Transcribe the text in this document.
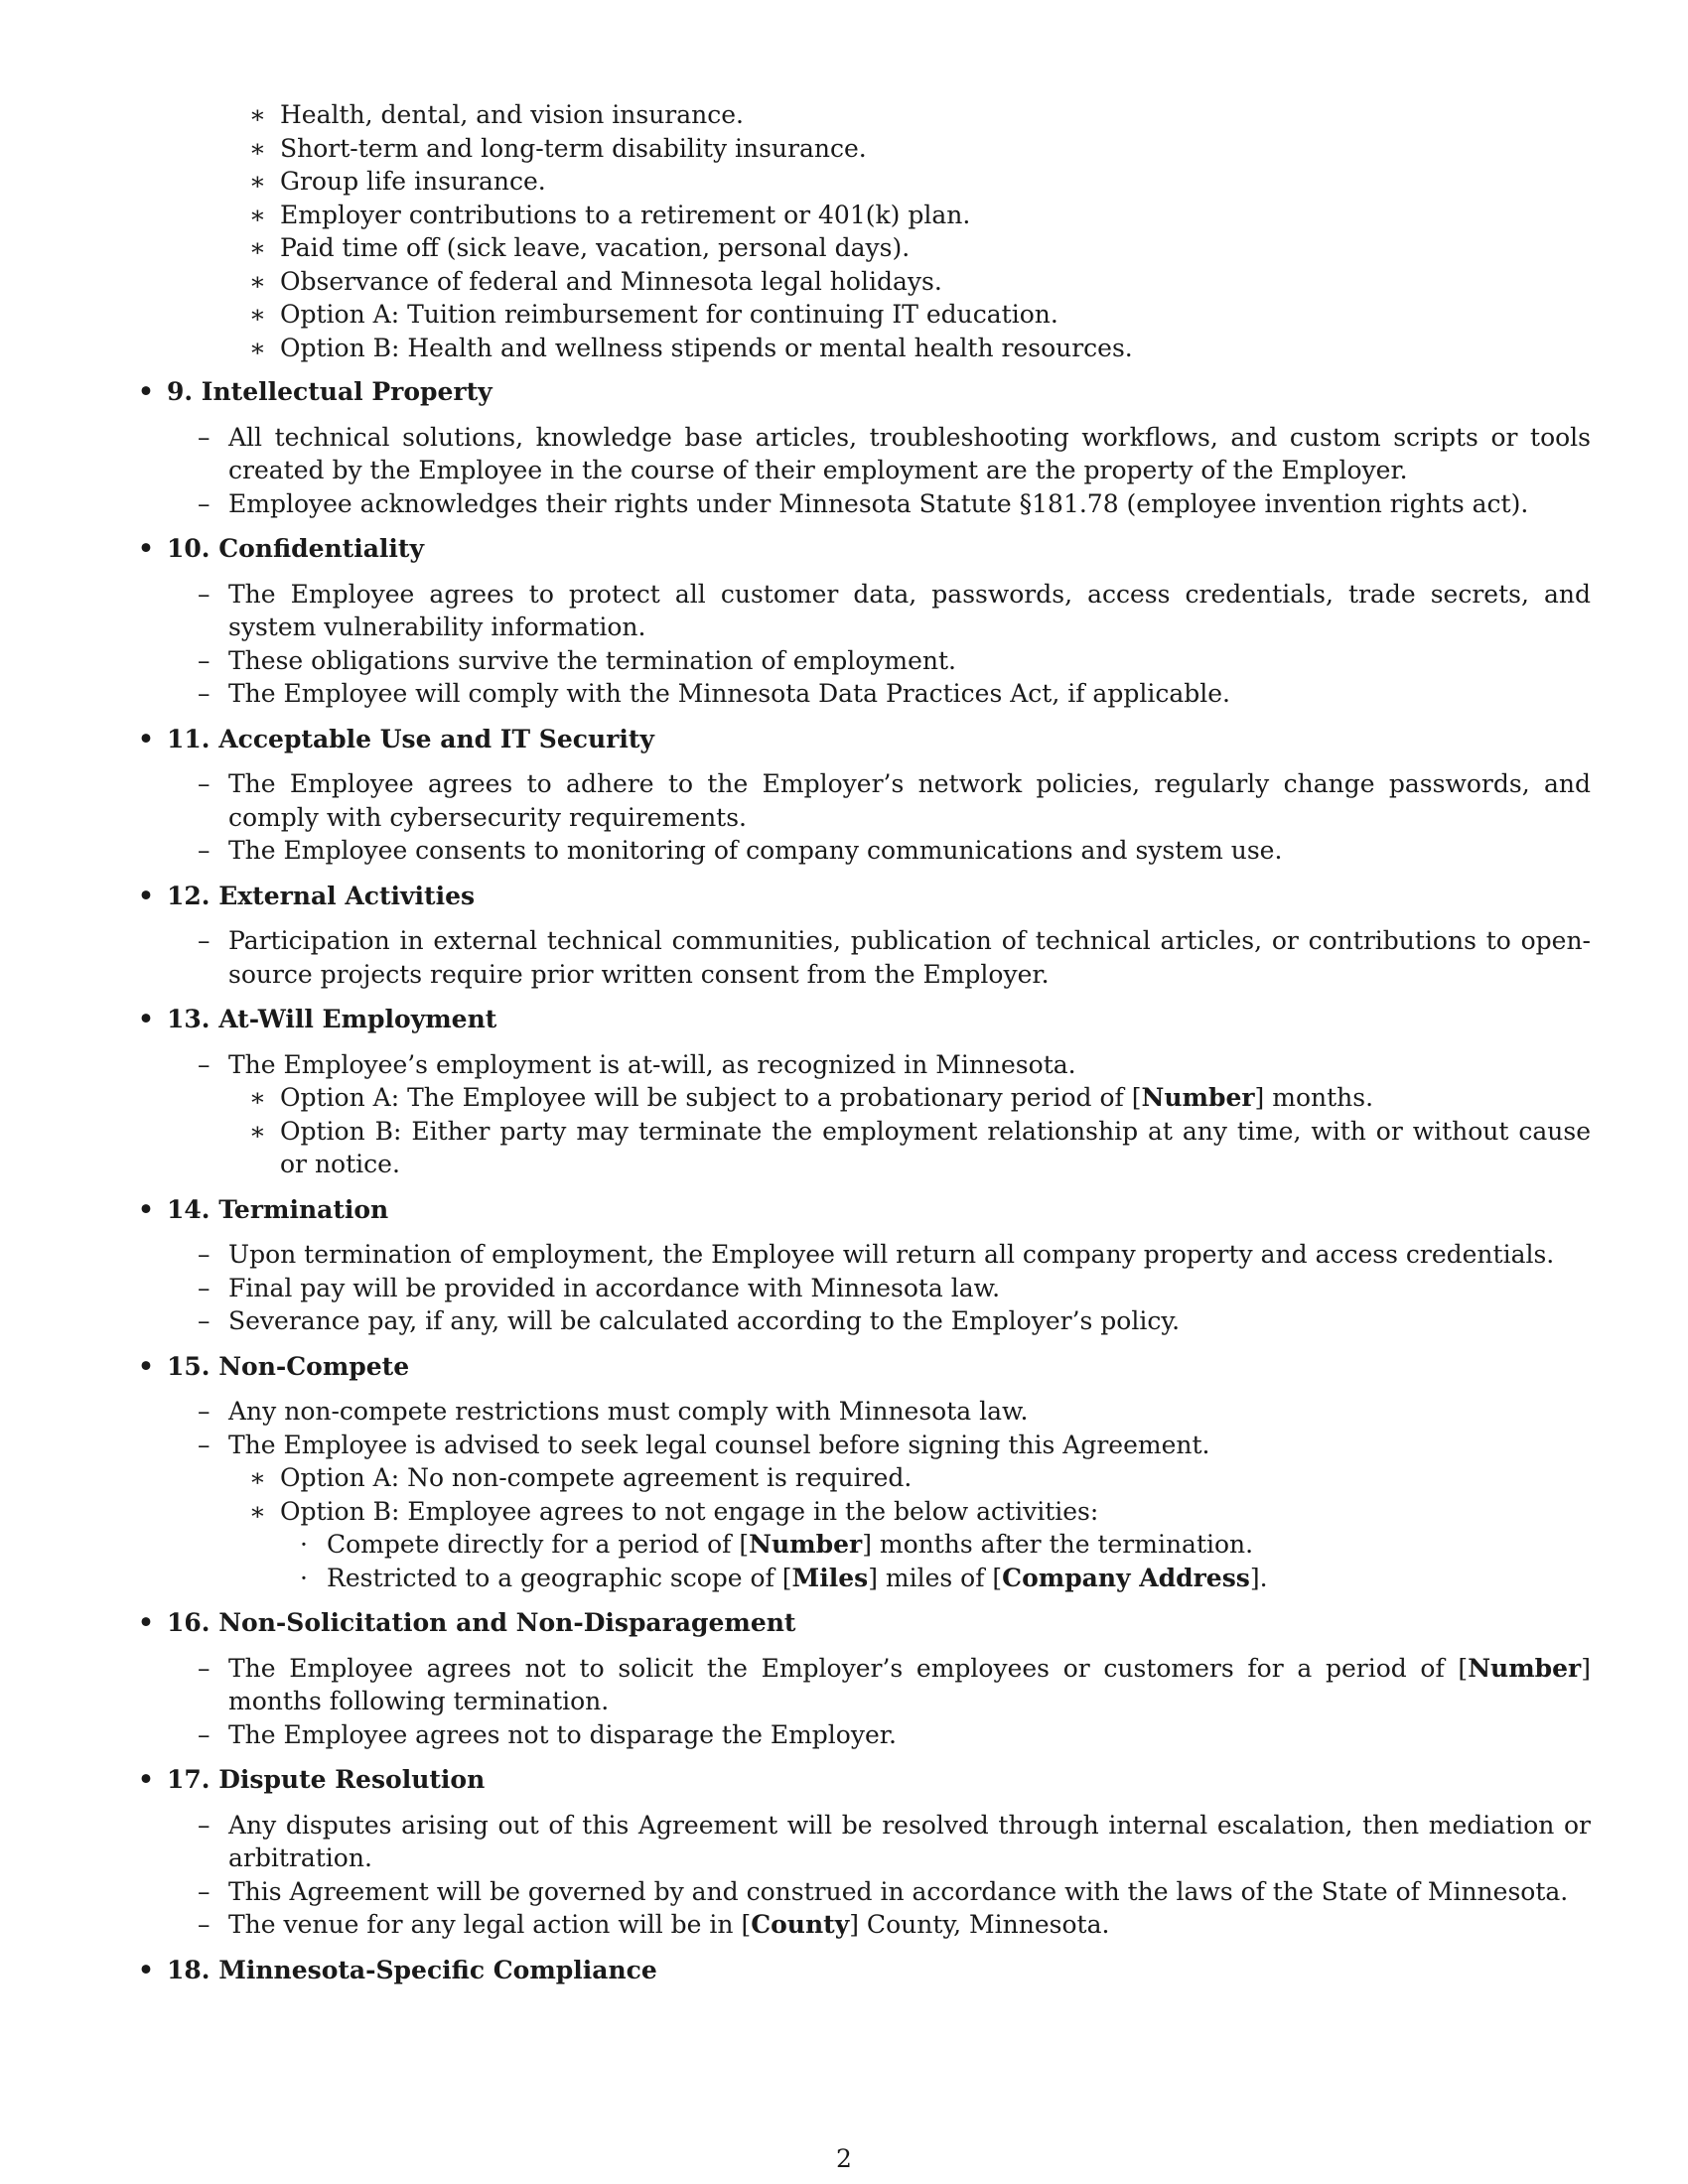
∗ Health, dental, and vision insurance.
∗ Short-term and long-term disability insurance.
∗ Group life insurance.
∗ Employer contributions to a retirement or 401(k) plan.
∗ Paid time off (sick leave, vacation, personal days).
∗ Observance of federal and Minnesota legal holidays.
∗ Option A: Tuition reimbursement for continuing IT education.
∗ Option B: Health and wellness stipends or mental health resources.
• 9. Intellectual Property
– All technical solutions, knowledge base articles, troubleshooting workflows, and custom scripts or tools created by the Employee in the course of their employment are the property of the Employer.
– Employee acknowledges their rights under Minnesota Statute §181.78 (employee invention rights act).
• 10. Confidentiality
– The Employee agrees to protect all customer data, passwords, access credentials, trade secrets, and system vulnerability information.
– These obligations survive the termination of employment.
– The Employee will comply with the Minnesota Data Practices Act, if applicable.
• 11. Acceptable Use and IT Security
– The Employee agrees to adhere to the Employer’s network policies, regularly change passwords, and comply with cybersecurity requirements.
– The Employee consents to monitoring of company communications and system use.
• 12. External Activities
– Participation in external technical communities, publication of technical articles, or contributions to open-source projects require prior written consent from the Employer.
• 13. At-Will Employment
– The Employee’s employment is at-will, as recognized in Minnesota.
∗ Option A: The Employee will be subject to a probationary period of [Number] months.
∗ Option B: Either party may terminate the employment relationship at any time, with or without cause or notice.
• 14. Termination
– Upon termination of employment, the Employee will return all company property and access credentials.
– Final pay will be provided in accordance with Minnesota law.
– Severance pay, if any, will be calculated according to the Employer’s policy.
• 15. Non-Compete
– Any non-compete restrictions must comply with Minnesota law.
– The Employee is advised to seek legal counsel before signing this Agreement.
∗ Option A: No non-compete agreement is required.
∗ Option B: Employee agrees to not engage in the below activities:
· Compete directly for a period of [Number] months after the termination.
· Restricted to a geographic scope of [Miles] miles of [Company Address].
• 16. Non-Solicitation and Non-Disparagement
– The Employee agrees not to solicit the Employer’s employees or customers for a period of [Number] months following termination.
– The Employee agrees not to disparage the Employer.
• 17. Dispute Resolution
– Any disputes arising out of this Agreement will be resolved through internal escalation, then mediation or arbitration.
– This Agreement will be governed by and construed in accordance with the laws of the State of Minnesota.
– The venue for any legal action will be in [County] County, Minnesota.
• 18. Minnesota-Specific Compliance
2
